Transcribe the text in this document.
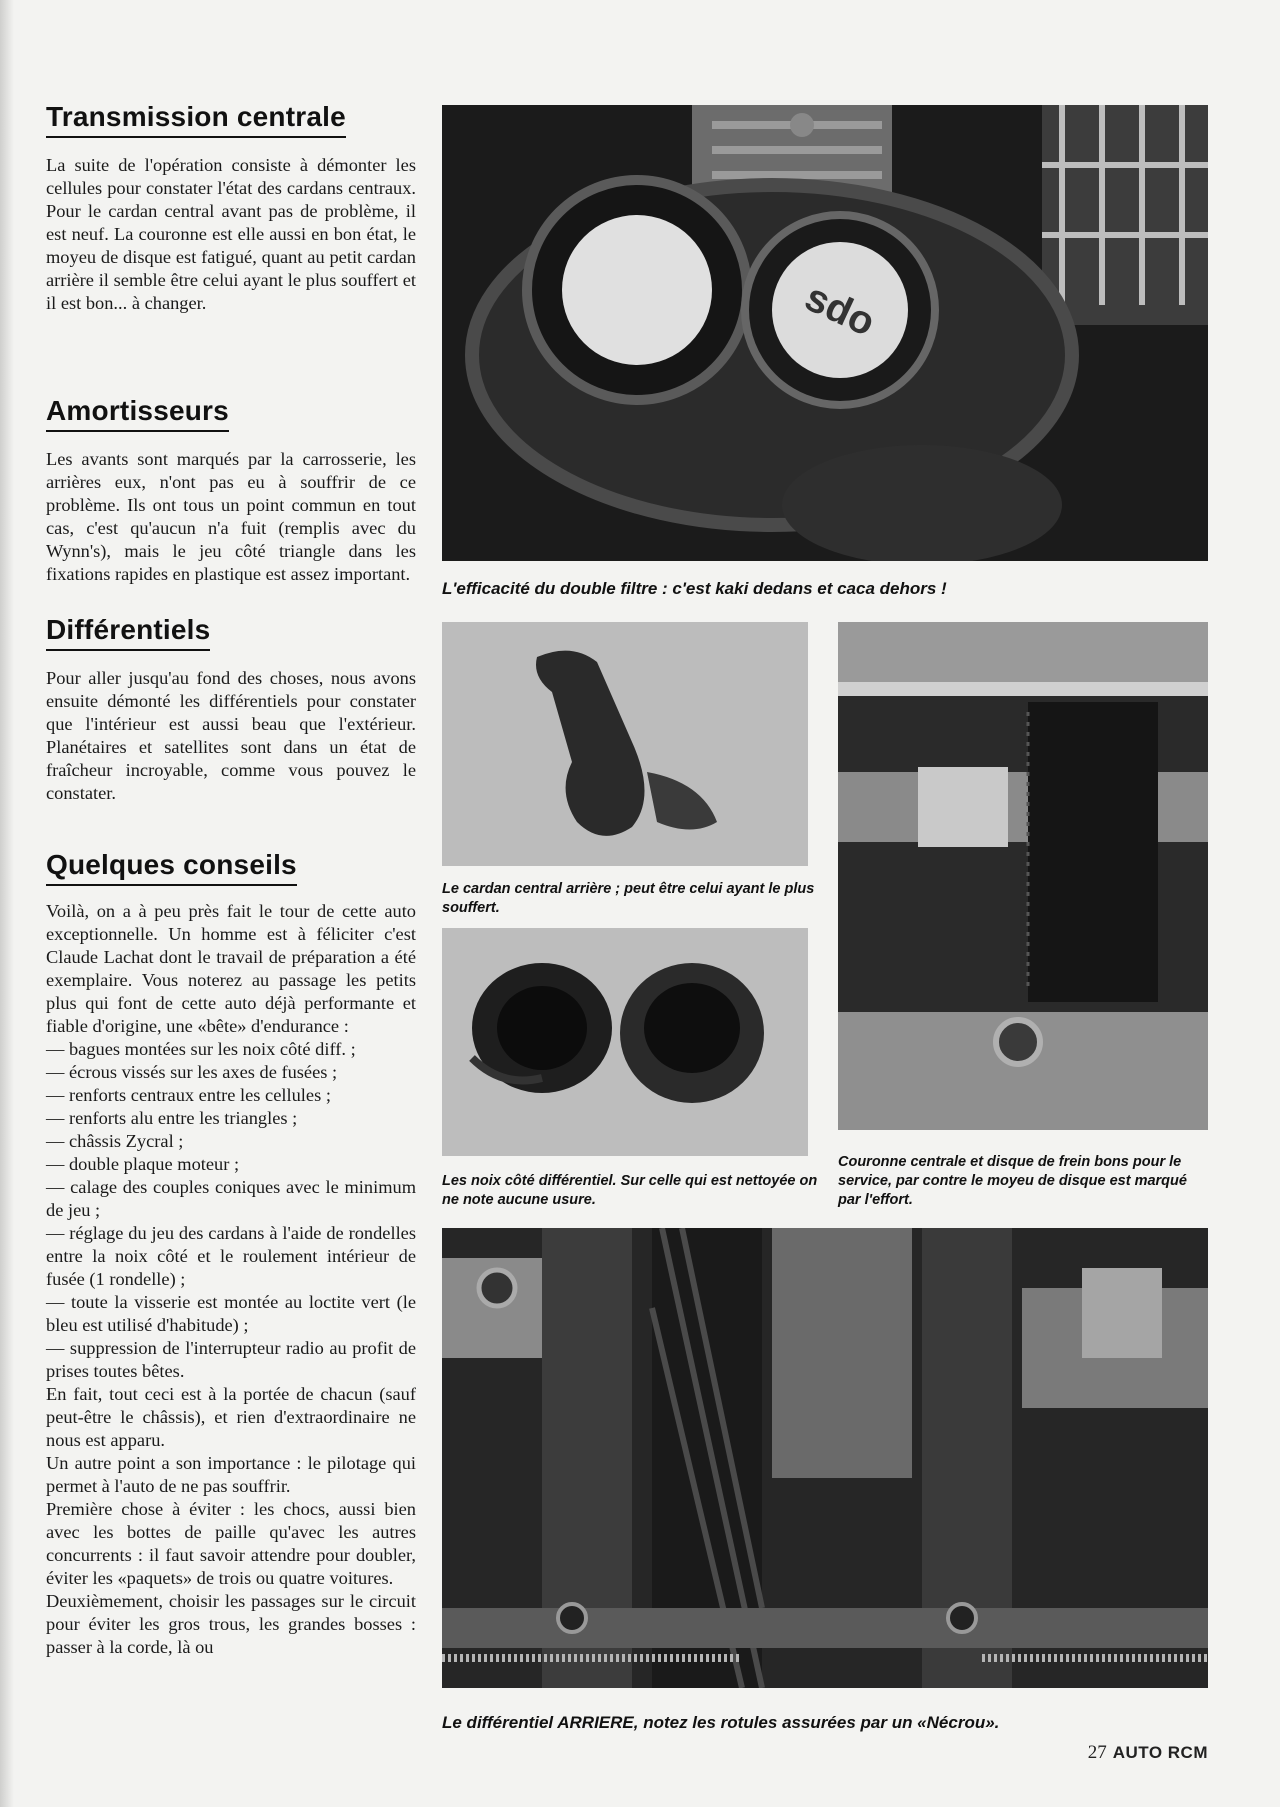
Transmission centrale

La suite de l'opération consiste à démonter les cellules pour constater l'état des cardans centraux. Pour le cardan central avant pas de problème, il est neuf. La couronne est elle aussi en bon état, le moyeu de disque est fatigué, quant au petit cardan arrière il semble être celui ayant le plus souffert et il est bon... à changer.

Amortisseurs

Les avants sont marqués par la carrosserie, les arrières eux, n'ont pas eu à souffrir de ce problème. Ils ont tous un point commun en tout cas, c'est qu'aucun n'a fuit (remplis avec du Wynn's), mais le jeu côté triangle dans les fixations rapides en plastique est assez important.

Différentiels

Pour aller jusqu'au fond des choses, nous avons ensuite démonté les différentiels pour constater que l'intérieur est aussi beau que l'extérieur. Planétaires et satellites sont dans un état de fraîcheur incroyable, comme vous pouvez le constater.

Quelques conseils

Voilà, on a à peu près fait le tour de cette auto exceptionnelle. Un homme est à féliciter c'est Claude Lachat dont le travail de préparation a été exemplaire. Vous noterez au passage les petits plus qui font de cette auto déjà performante et fiable d'origine, une «bête» d'endurance :

— bagues montées sur les noix côté diff. ;
— écrous vissés sur les axes de fusées ;
— renforts centraux entre les cellules ;
— renforts alu entre les triangles ;
— châssis Zycral ;
— double plaque moteur ;
— calage des couples coniques avec le minimum de jeu ;
— réglage du jeu des cardans à l'aide de rondelles entre la noix côté et le roulement intérieur de fusée (1 rondelle) ;
— toute la visserie est montée au loctite vert (le bleu est utilisé d'habitude) ;
— suppression de l'interrupteur radio au profit de prises toutes bêtes.

En fait, tout ceci est à la portée de chacun (sauf peut-être le châssis), et rien d'extraordinaire ne nous est apparu.

Un autre point a son importance : le pilotage qui permet à l'auto de ne pas souffrir.

Première chose à éviter : les chocs, aussi bien avec les bottes de paille qu'avec les autres concurrents : il faut savoir attendre pour doubler, éviter les «paquets» de trois ou quatre voitures.

Deuxièmement, choisir les passages sur le circuit pour éviter les gros trous, les grandes bosses : passer à la corde, là ou

sdo
L'efficacité du double filtre : c'est kaki dedans et caca dehors !
Le cardan central arrière ; peut être celui ayant le plus souffert.
Les noix côté différentiel. Sur celle qui est nettoyée on ne note aucune usure.
Couronne centrale et disque de frein bons pour le service, par contre le moyeu de disque est marqué par l'effort.
Le différentiel ARRIERE, notez les rotules assurées par un «Nécrou».
27 AUTO RCM
